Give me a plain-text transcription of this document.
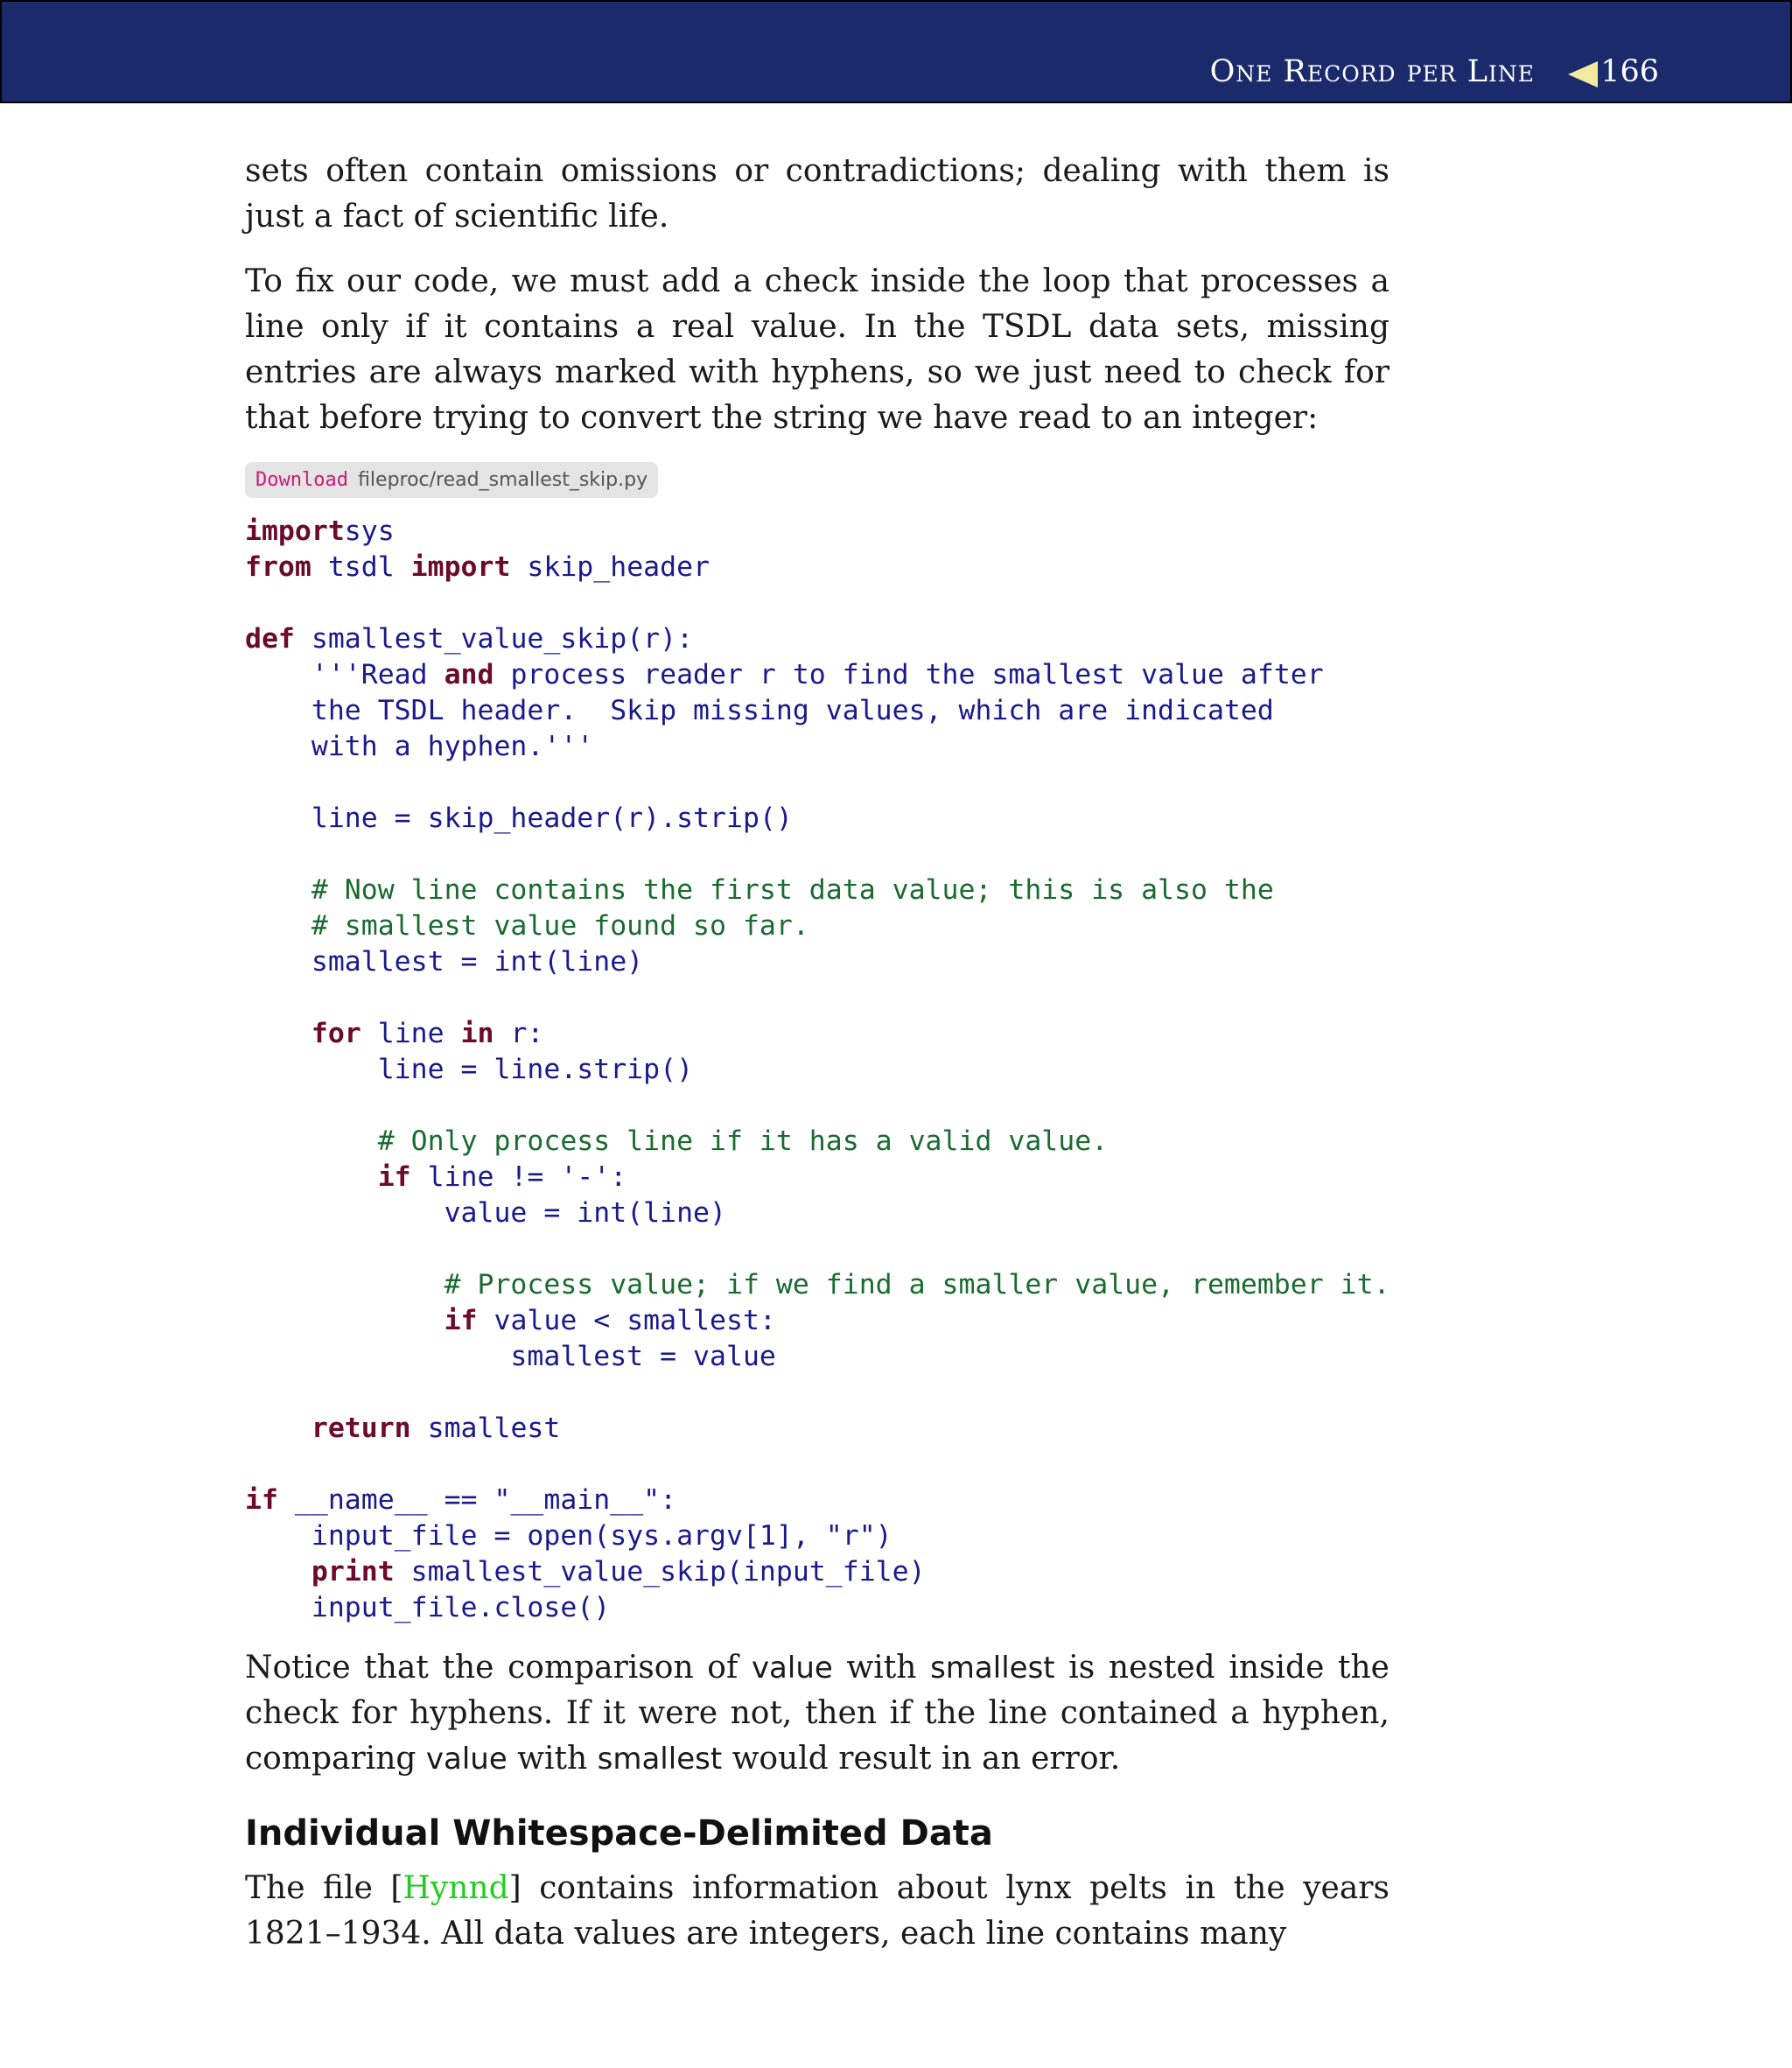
One Record per Line 166

sets often contain omissions or contradictions; dealing with them is just a fact of scientific life.

To fix our code, we must add a check inside the loop that processes a line only if it contains a real value. In the TSDL data sets, missing entries are always marked with hyphens, so we just need to check for that before trying to convert the string we have read to an integer:

Download fileproc/read_smallest_skip.py
importsys
from tsdl import skip_header

def smallest_value_skip(r):
'''Read and process reader r to find the smallest value after
the TSDL header.  Skip missing values, which are indicated
with a hyphen.'''

line = skip_header(r).strip()

# Now line contains the first data value; this is also the
# smallest value found so far.
smallest = int(line)

for line in r:
line = line.strip()

# Only process line if it has a valid value.
if line != '-':
value = int(line)

# Process value; if we find a smaller value, remember it.
if value < smallest:
smallest = value

return smallest

if __name__ == "__main__":
input_file = open(sys.argv[1], "r")
print smallest_value_skip(input_file)
input_file.close()

Notice that the comparison of value with smallest is nested inside the check for hyphens. If it were not, then if the line contained a hyphen, comparing value with smallest would result in an error.

Individual Whitespace-Delimited Data

The file [Hynnd] contains information about lynx pelts in the years 1821–1934. All data values are integers, each line contains many
